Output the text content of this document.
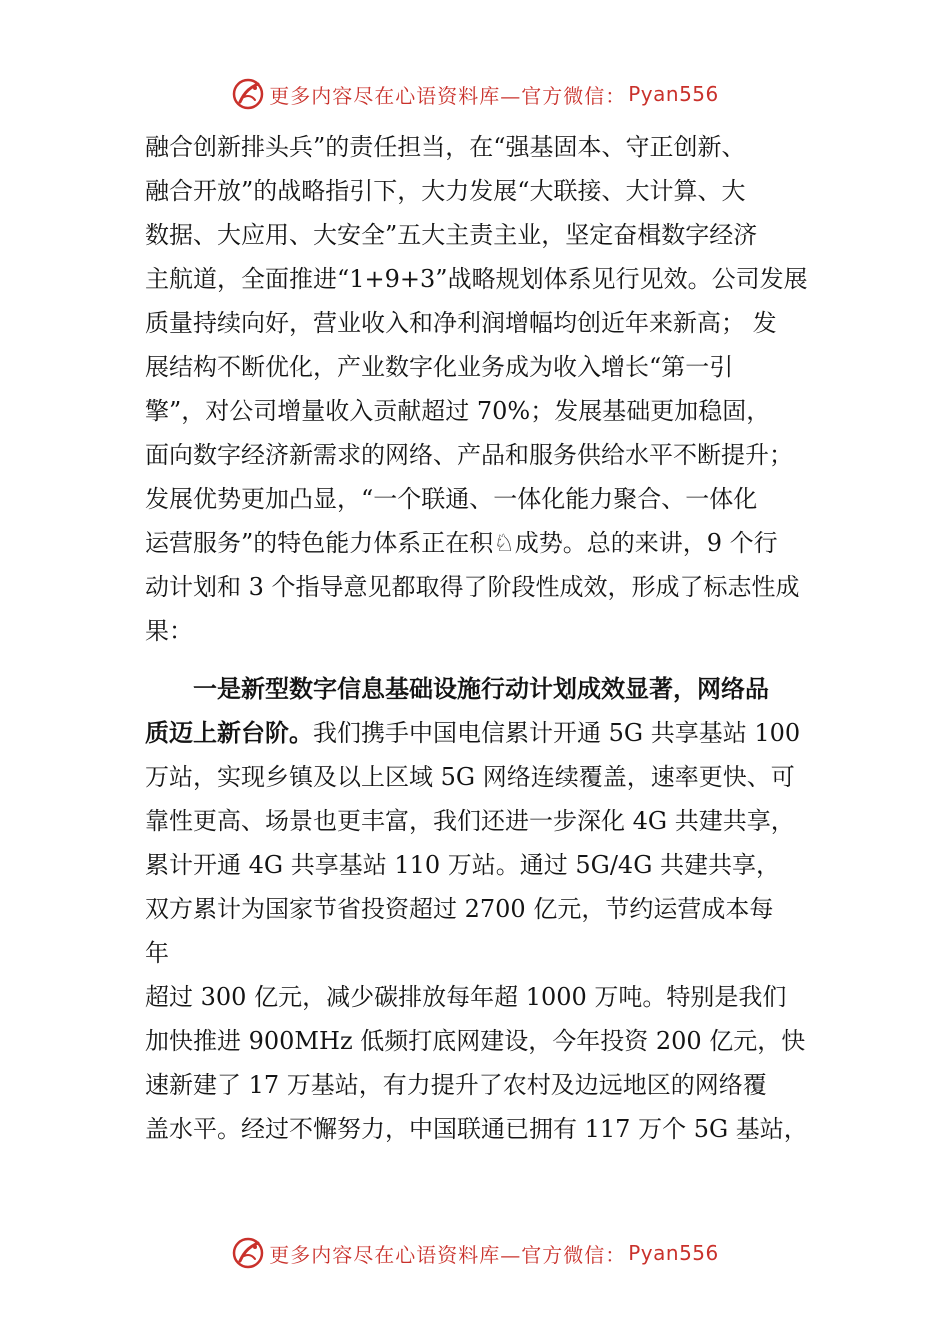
更多内容尽在心语资料库—官方微信： Pyan556
融合创新排头兵”的责任担当，在“强基固本、守正创新、
融合开放”的战略指引下，大力发展“大联接、大计算、大
数据、大应用、大安全”五大主责主业，坚定奋楫数字经济
主航道，全面推进“1+9+3”战略规划体系见行见效。公司发展
质量持续向好，营业收入和净利润增幅均创近年来新高； 发
展结构不断优化，产业数字化业务成为收入增长“第一引
擎”，对公司增量收入贡献超过 70%；发展基础更加稳固，
面向数字经济新需求的网络、产品和服务供给水平不断提升；
发展优势更加凸显，“一个联通、一体化能力聚合、一体化
运营服务”的特色能力体系正在积♘成势。总的来讲，9 个行
动计划和 3 个指导意见都取得了阶段性成效，形成了标志性成
果：
一是新型数字信息基础设施行动计划成效显著，网络品
质迈上新台阶。我们携手中国电信累计开通 5G 共享基站 100
万站，实现乡镇及以上区域 5G 网络连续覆盖，速率更快、可
靠性更高、场景也更丰富，我们还进一步深化 4G 共建共享，
累计开通 4G 共享基站 110 万站。通过 5G/4G 共建共享，
双方累计为国家节省投资超过 2700 亿元，节约运营成本每
年
超过 300 亿元，减少碳排放每年超 1000 万吨。特别是我们
加快推进 900MHz 低频打底网建设，今年投资 200 亿元，快
速新建了 17 万基站，有力提升了农村及边远地区的网络覆
盖水平。经过不懈努力，中国联通已拥有 117 万个 5G 基站，
更多内容尽在心语资料库—官方微信： Pyan556
